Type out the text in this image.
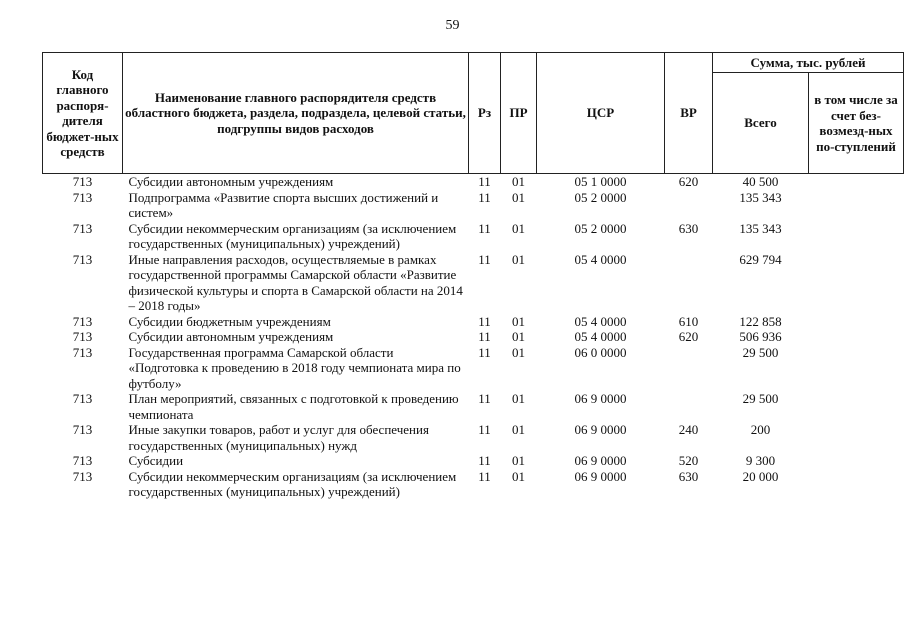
59
Код главного распоря-дителя бюджет-ных средств	Наименование главного распорядителя средств областного бюджета, раздела, подраздела, целевой статьи, подгруппы видов расходов	Рз	ПР	ЦСР	ВР	Сумма, тыс. рублей	
						Всего	в том числе за счет без-возмезд-ных по-ступлений
713	Субсидии автономным учреждениям	11	01	05 1 0000	620	40 500	
713	Подпрограмма «Развитие спорта высших достижений и систем»	11	01	05 2 0000		135 343	
713	Субсидии некоммерческим организациям (за исключением государственных (муниципальных) учреждений)	11	01	05 2 0000	630	135 343	
713	Иные направления расходов, осуществляемые в рамках государственной программы Самарской области «Развитие физической культуры и спорта в Самарской области на 2014 – 2018 годы»	11	01	05 4 0000		629 794	
713	Субсидии бюджетным учреждениям	11	01	05 4 0000	610	122 858	
713	Субсидии автономным учреждениям	11	01	05 4 0000	620	506 936	
713	Государственная программа Самарской области «Подготовка к проведению в 2018 году чемпионата мира по футболу»	11	01	06 0 0000		29 500	
713	План мероприятий, связанных с подготовкой к проведению чемпионата	11	01	06 9 0000		29 500	
713	Иные закупки товаров, работ и услуг для обеспечения государственных (муниципальных) нужд	11	01	06 9 0000	240	200	
713	Субсидии	11	01	06 9 0000	520	9 300	
713	Субсидии некоммерческим организациям (за исключением государственных (муниципальных) учреждений)	11	01	06 9 0000	630	20 000	
